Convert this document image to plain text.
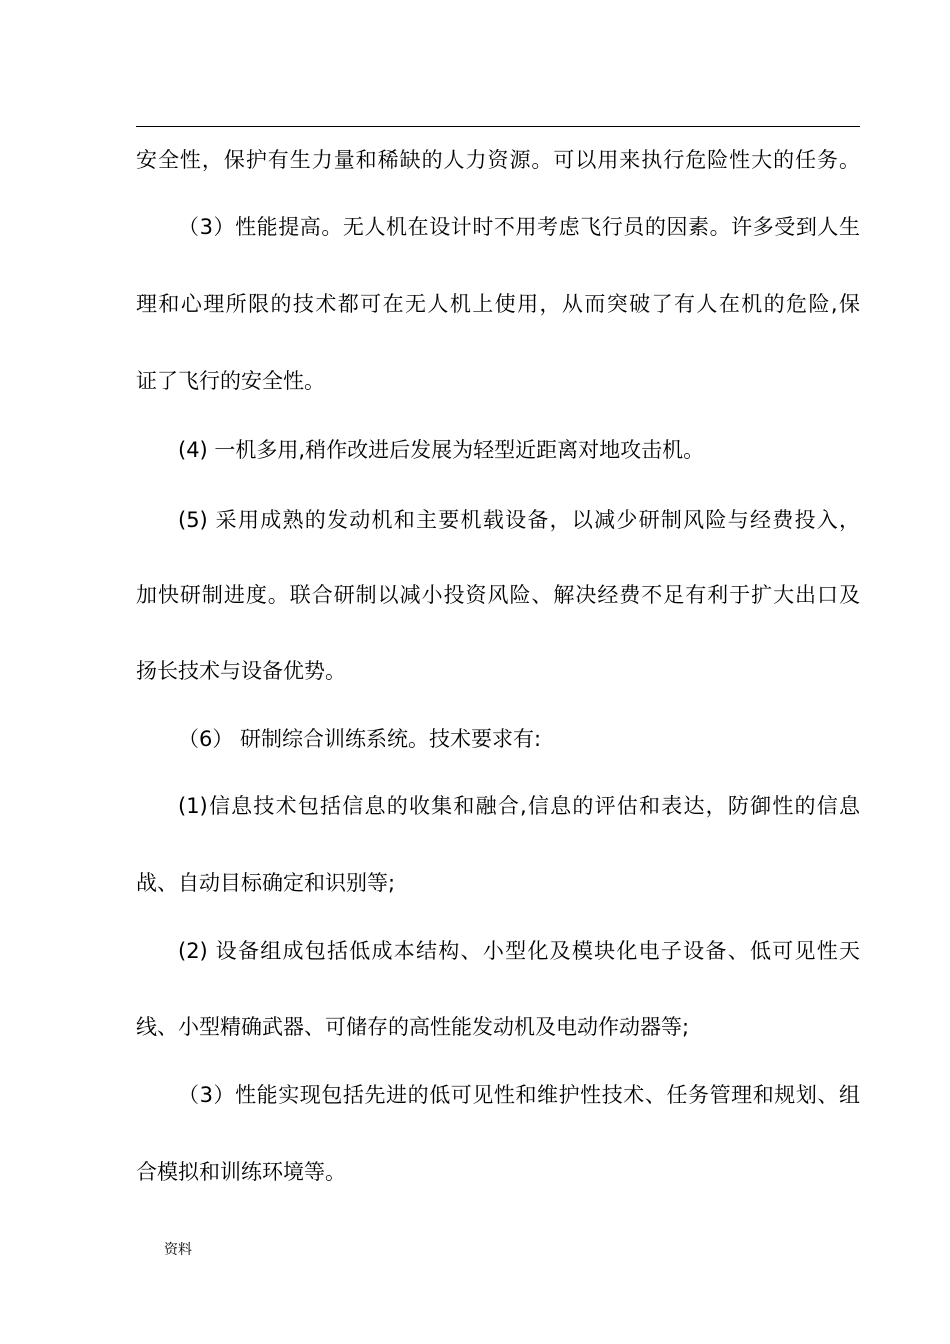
安全性，保护有生力量和稀缺的人力资源。可以用来执行危险性大的任务。
（3）性能提高。无人机在设计时不用考虑飞行员的因素。许多受到人生
理和心理所限的技术都可在无人机上使用，从而突破了有人在机的危险,保
证了飞行的安全性。
(4) 一机多用,稍作改进后发展为轻型近距离对地攻击机。
(5) 采用成熟的发动机和主要机载设备，以减少研制风险与经费投入，
加快研制进度。联合研制以减小投资风险、解决经费不足有利于扩大出口及
扬长技术与设备优势。
（6） 研制综合训练系统。技术要求有:
(1)信息技术包括信息的收集和融合,信息的评估和表达，防御性的信息
战、自动目标确定和识别等;
(2) 设备组成包括低成本结构、小型化及模块化电子设备、低可见性天
线、小型精确武器、可储存的高性能发动机及电动作动器等;
（3）性能实现包括先进的低可见性和维护性技术、任务管理和规划、组
合模拟和训练环境等。
资料
